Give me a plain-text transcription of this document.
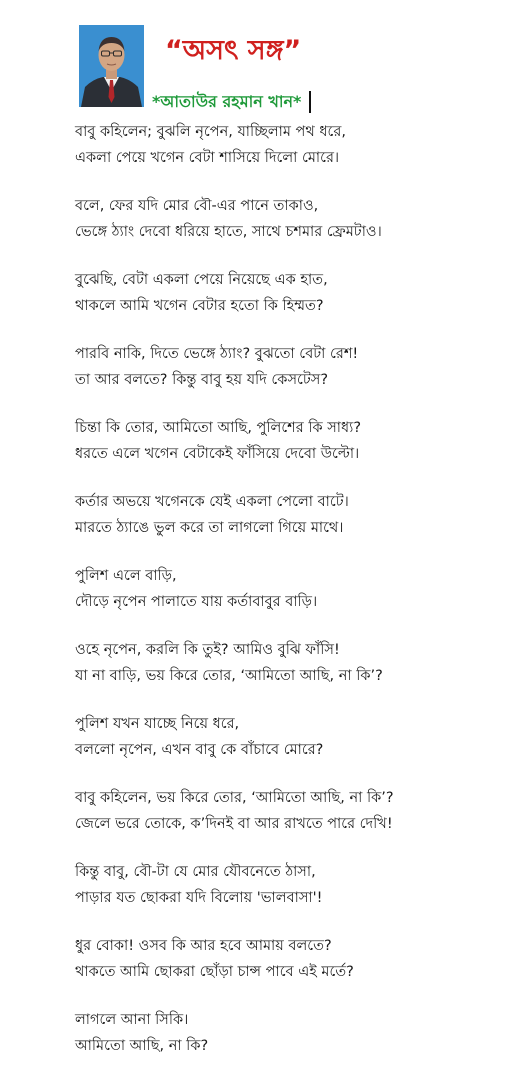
“অসৎ সঙ্গ”
*আতাউর রহমান খান*
বাবু কহিলেন; বুঝলি নৃপেন, যাচ্ছিলাম পথ ধরে,
একলা পেয়ে খগেন বেটা শাসিয়ে দিলো মোরে।
বলে, ফের যদি মোর বৌ-এর পানে তাকাও,
ভেঙ্গে ঠ্যাং দেবো ধরিয়ে হাতে, সাথে চশমার ফ্রেমটাও।
বুঝেছি, বেটা একলা পেয়ে নিয়েছে এক হাত,
থাকলে আমি খগেন বেটার হতো কি হিম্মত?
পারবি নাকি, দিতে ভেঙ্গে ঠ্যাং? বুঝতো বেটা রেশ!
তা আর বলতে? কিন্তু বাবু হয় যদি কেসটেস?
চিন্তা কি তোর, আমিতো আছি, পুলিশের কি সাধ্য?
ধরতে এলে খগেন বেটাকেই ফাঁসিয়ে দেবো উল্টো।
কর্তার অভয়ে খগেনকে যেই একলা পেলো বাটে।
মারতে ঠ্যাঙে ভুল করে তা লাগলো গিয়ে মাথে।
পুলিশ এলে বাড়ি,
দৌড়ে নৃপেন পালাতে যায় কর্তাবাবুর বাড়ি।
ওহে নৃপেন, করলি কি তুই? আমিও বুঝি ফাঁসি!
যা না বাড়ি, ভয় কিরে তোর, ‘আমিতো আছি, না কি’?
পুলিশ যখন যাচ্ছে নিয়ে ধরে,
বললো নৃপেন, এখন বাবু কে বাঁচাবে মোরে?
বাবু কহিলেন, ভয় কিরে তোর, ‘আমিতো আছি, না কি’?
জেলে ভরে তোকে, ক’দিনই বা আর রাখতে পারে দেখি!
কিন্তু বাবু, বৌ-টা যে মোর যৌবনেতে ঠাসা,
পাড়ার যত ছোকরা যদি বিলোয় 'ভালবাসা'!
ধুর বোকা! ওসব কি আর হবে আমায় বলতে?
থাকতে আমি ছোকরা ছোঁড়া চান্স পাবে এই মর্তে?
লাগলে আনা সিকি।
আমিতো আছি, না কি?
